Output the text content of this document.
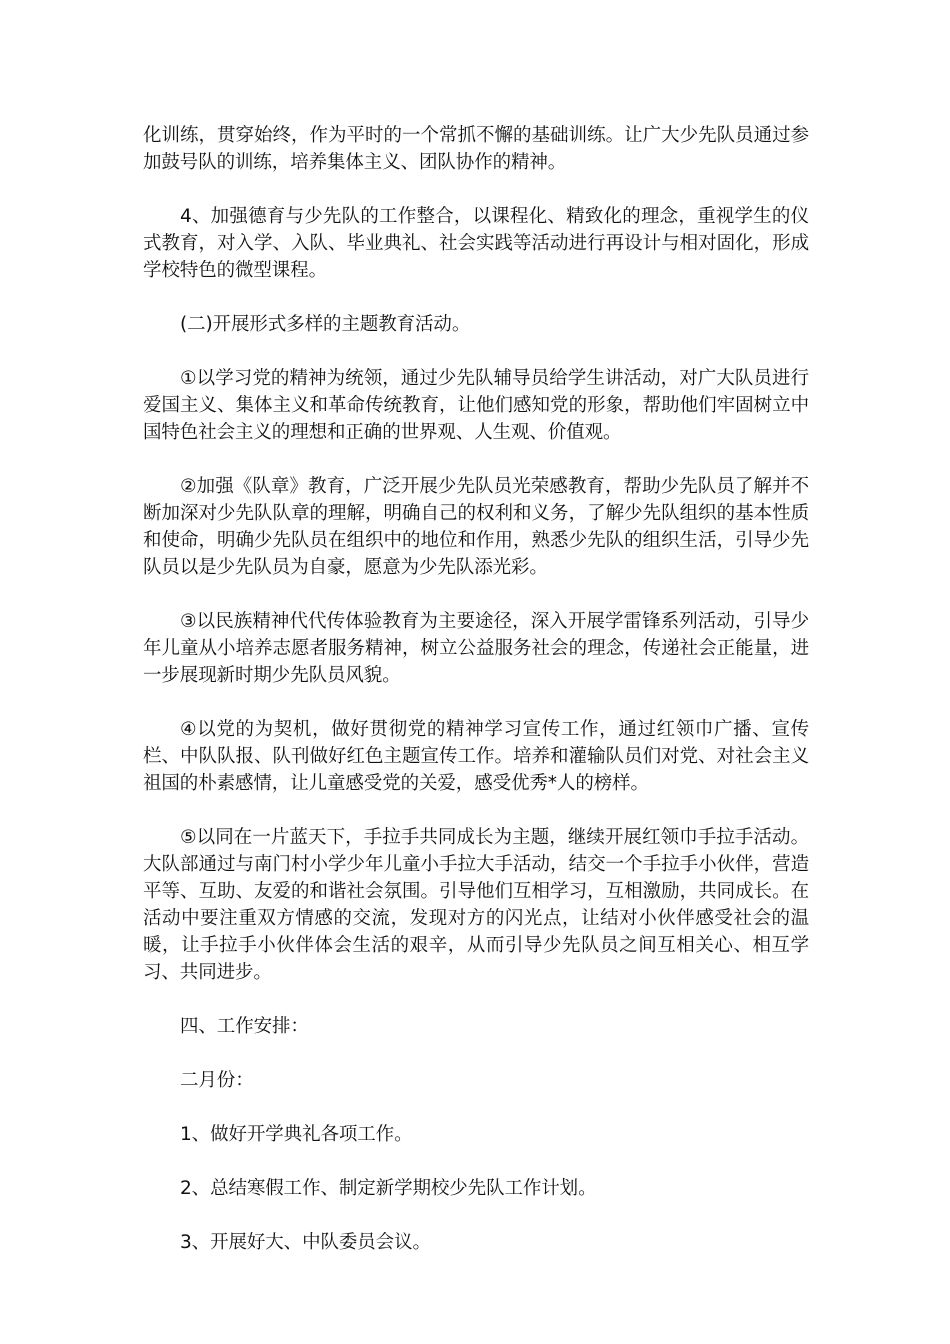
化训练，贯穿始终，作为平时的一个常抓不懈的基础训练。让广大少先队员通过参加鼓号队的训练，培养集体主义、团队协作的精神。

4、加强德育与少先队的工作整合，以课程化、精致化的理念，重视学生的仪式教育，对入学、入队、毕业典礼、社会实践等活动进行再设计与相对固化，形成学校特色的微型课程。

(二)开展形式多样的主题教育活动。

①以学习党的精神为统领，通过少先队辅导员给学生讲活动，对广大队员进行爱国主义、集体主义和革命传统教育，让他们感知党的形象，帮助他们牢固树立中国特色社会主义的理想和正确的世界观、人生观、价值观。

②加强《队章》教育，广泛开展少先队员光荣感教育，帮助少先队员了解并不断加深对少先队队章的理解，明确自己的权利和义务，了解少先队组织的基本性质和使命，明确少先队员在组织中的地位和作用，熟悉少先队的组织生活，引导少先队员以是少先队员为自豪，愿意为少先队添光彩。

③以民族精神代代传体验教育为主要途径，深入开展学雷锋系列活动，引导少年儿童从小培养志愿者服务精神，树立公益服务社会的理念，传递社会正能量，进一步展现新时期少先队员风貌。

④以党的为契机，做好贯彻党的精神学习宣传工作，通过红领巾广播、宣传栏、中队队报、队刊做好红色主题宣传工作。培养和灌输队员们对党、对社会主义祖国的朴素感情，让儿童感受党的关爱，感受优秀*人的榜样。

⑤以同在一片蓝天下，手拉手共同成长为主题，继续开展红领巾手拉手活动。大队部通过与南门村小学少年儿童小手拉大手活动，结交一个手拉手小伙伴，营造平等、互助、友爱的和谐社会氛围。引导他们互相学习，互相激励，共同成长。在活动中要注重双方情感的交流，发现对方的闪光点，让结对小伙伴感受社会的温暖，让手拉手小伙伴体会生活的艰辛，从而引导少先队员之间互相关心、相互学习、共同进步。

四、工作安排：

二月份：

1、做好开学典礼各项工作。

2、总结寒假工作、制定新学期校少先队工作计划。

3、开展好大、中队委员会议。
